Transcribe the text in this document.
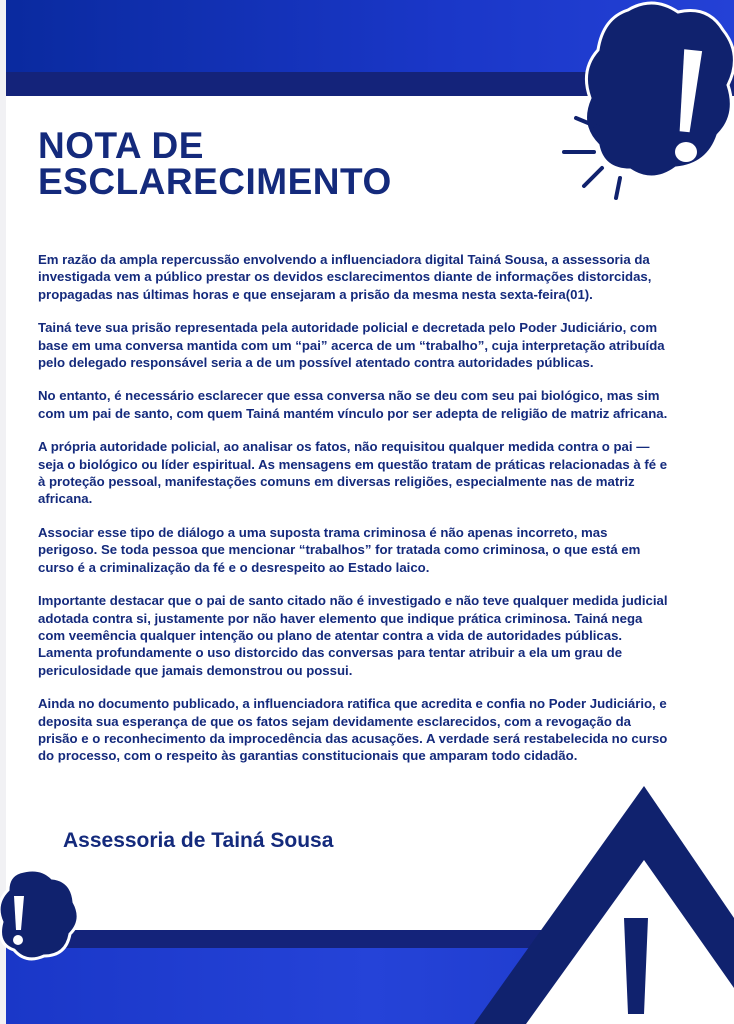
NOTA DE
ESCLARECIMENTO

Em razão da ampla repercussão envolvendo a influenciadora digital Tainá Sousa, a assessoria da investigada vem a público prestar os devidos esclarecimentos diante de informações distorcidas, propagadas nas últimas horas e que ensejaram a prisão da mesma nesta sexta-feira(01).

Tainá teve sua prisão representada pela autoridade policial e decretada pelo Poder Judiciário, com base em uma conversa mantida com um “pai” acerca de um “trabalho”, cuja interpretação atribuída pelo delegado responsável seria a de um possível atentado contra autoridades públicas.

No entanto, é necessário esclarecer que essa conversa não se deu com seu pai biológico, mas sim com um pai de santo, com quem Tainá mantém vínculo por ser adepta de religião de matriz africana.

A própria autoridade policial, ao analisar os fatos, não requisitou qualquer medida contra o pai — seja o biológico ou líder espiritual. As mensagens em questão tratam de práticas relacionadas à fé e à proteção pessoal, manifestações comuns em diversas religiões, especialmente nas de matriz africana.

Associar esse tipo de diálogo a uma suposta trama criminosa é não apenas incorreto, mas perigoso. Se toda pessoa que mencionar “trabalhos” for tratada como criminosa, o que está em curso é a criminalização da fé e o desrespeito ao Estado laico.

Importante destacar que o pai de santo citado não é investigado e não teve qualquer medida judicial adotada contra si, justamente por não haver elemento que indique prática criminosa. Tainá nega com veemência qualquer intenção ou plano de atentar contra a vida de autoridades públicas. Lamenta profundamente o uso distorcido das conversas para tentar atribuir a ela um grau de periculosidade que jamais demonstrou ou possui.

Ainda no documento publicado, a influenciadora ratifica que acredita e confia no Poder Judiciário, e deposita sua esperança de que os fatos sejam devidamente esclarecidos, com a revogação da prisão e o reconhecimento da improcedência das acusações. A verdade será restabelecida no curso do processo, com o respeito às garantias constitucionais que amparam todo cidadão.

Assessoria de Tainá Sousa
